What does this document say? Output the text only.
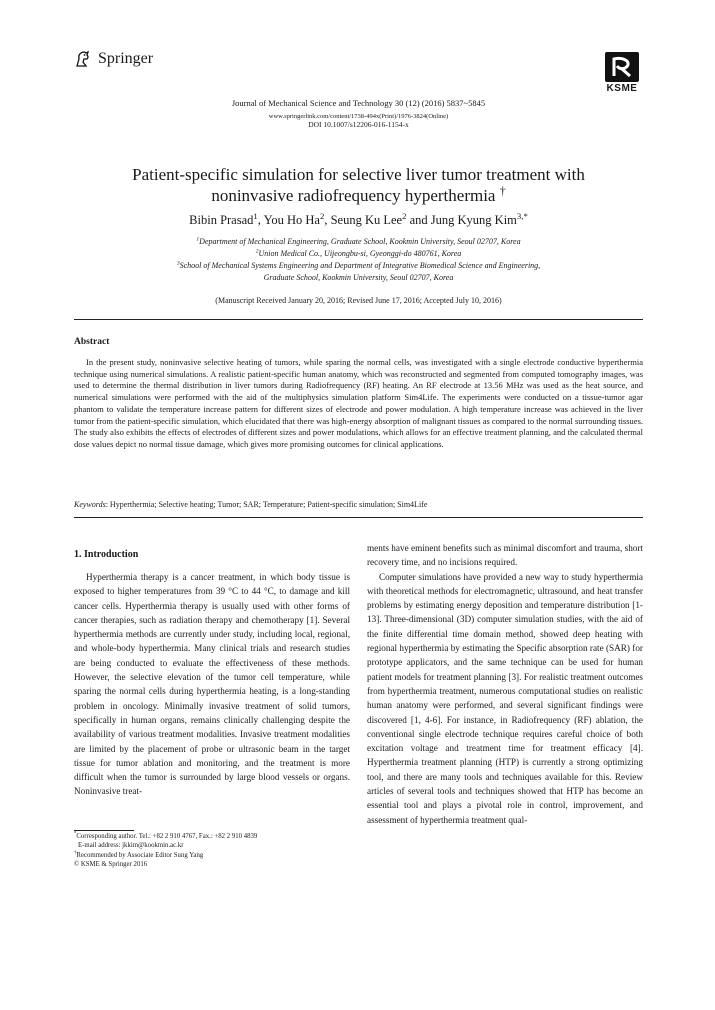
Springer
KSME
Journal of Mechanical Science and Technology 30 (12) (2016) 5837~5845
www.springerlink.com/content/1738-494x(Print)/1976-3824(Online)
DOI 10.1007/s12206-016-1154-x
Patient-specific simulation for selective liver tumor treatment with
noninvasive radiofrequency hyperthermia †
Bibin Prasad$^1$, You Ho Ha$^2$, Seung Ku Lee$^2$ and Jung Kyung Kim$^{3,*}$
$^1$Department of Mechanical Engineering, Graduate School, Kookmin University, Seoul 02707, Korea
$^2$Union Medical Co., Uijeongbu-si, Gyeonggi-do 480761, Korea
$^3$School of Mechanical Systems Engineering and Department of Integrative Biomedical Science and Engineering,
Graduate School, Kookmin University, Seoul 02707, Korea
(Manuscript Received January 20, 2016; Revised June 17, 2016; Accepted July 10, 2016)
Abstract
In the present study, noninvasive selective heating of tumors, while sparing the normal cells, was investigated with a single electrode conductive hyperthermia technique using numerical simulations. A realistic patient-specific human anatomy, which was reconstructed and segmented from computed tomography images, was used to determine the thermal distribution in liver tumors during Radiofrequency (RF) heating. An RF electrode at 13.56 MHz was used as the heat source, and numerical simulations were performed with the aid of the multiphysics simulation platform Sim4Life. The experiments were conducted on a tissue-tumor agar phantom to validate the temperature increase pattern for different sizes of electrode and power modulation. A high temperature increase was achieved in the liver tumor from the patient-specific simulation, which elucidated that there was high-energy absorption of malignant tissues as compared to the normal surrounding tissues. The study also exhibits the effects of electrodes of different sizes and power modulations, which allows for an effective treatment planning, and the calculated thermal dose values depict no normal tissue damage, which gives more promising outcomes for clinical applications.
Keywords: Hyperthermia; Selective heating; Tumor; SAR; Temperature; Patient-specific simulation; Sim4Life
1. Introduction

Hyperthermia therapy is a cancer treatment, in which body tissue is exposed to higher temperatures from 39 °C to 44 °C, to damage and kill cancer cells. Hyperthermia therapy is usually used with other forms of cancer therapies, such as radiation therapy and chemotherapy [1]. Several hyperthermia methods are currently under study, including local, regional, and whole-body hyperthermia. Many clinical trials and research studies are being conducted to evaluate the effectiveness of these methods. However, the selective elevation of the tumor cell temperature, while sparing the normal cells during hyperthermia heating, is a long-standing problem in oncology. Minimally invasive treatment of solid tumors, specifically in human organs, remains clinically challenging despite the availability of various treatment modalities. Invasive treatment modalities are limited by the placement of probe or ultrasonic beam in the target tissue for tumor ablation and monitoring, and the treatment is more difficult when the tumor is surrounded by large blood vessels or organs. Noninvasive treat-

ments have eminent benefits such as minimal discomfort and trauma, short recovery time, and no incisions required.

Computer simulations have provided a new way to study hyperthermia with theoretical methods for electromagnetic, ultrasound, and heat transfer problems by estimating energy deposition and temperature distribution [1-13]. Three-dimensional (3D) computer simulation studies, with the aid of the finite differential time domain method, showed deep heating with regional hyperthermia by estimating the Specific absorption rate (SAR) for prototype applicators, and the same technique can be used for human patient models for treatment planning [3]. For realistic treatment outcomes from hyperthermia treatment, numerous computational studies on realistic human anatomy were performed, and several significant findings were discovered [1, 4-6]. For instance, in Radiofrequency (RF) ablation, the conventional single electrode technique requires careful choice of both excitation voltage and treatment time for treatment efficacy [4]. Hyperthermia treatment planning (HTP) is currently a strong optimizing tool, and there are many tools and techniques available for this. Review articles of several tools and techniques showed that HTP has become an essential tool and plays a pivotal role in control, improvement, and assessment of hyperthermia treatment qual-

*Corresponding author. Tel.: +82 2 910 4767, Fax.: +82 2 910 4839
E-mail address: jkkim@kookmin.ac.kr
†Recommended by Associate Editor Sung Yang
© KSME & Springer 2016
